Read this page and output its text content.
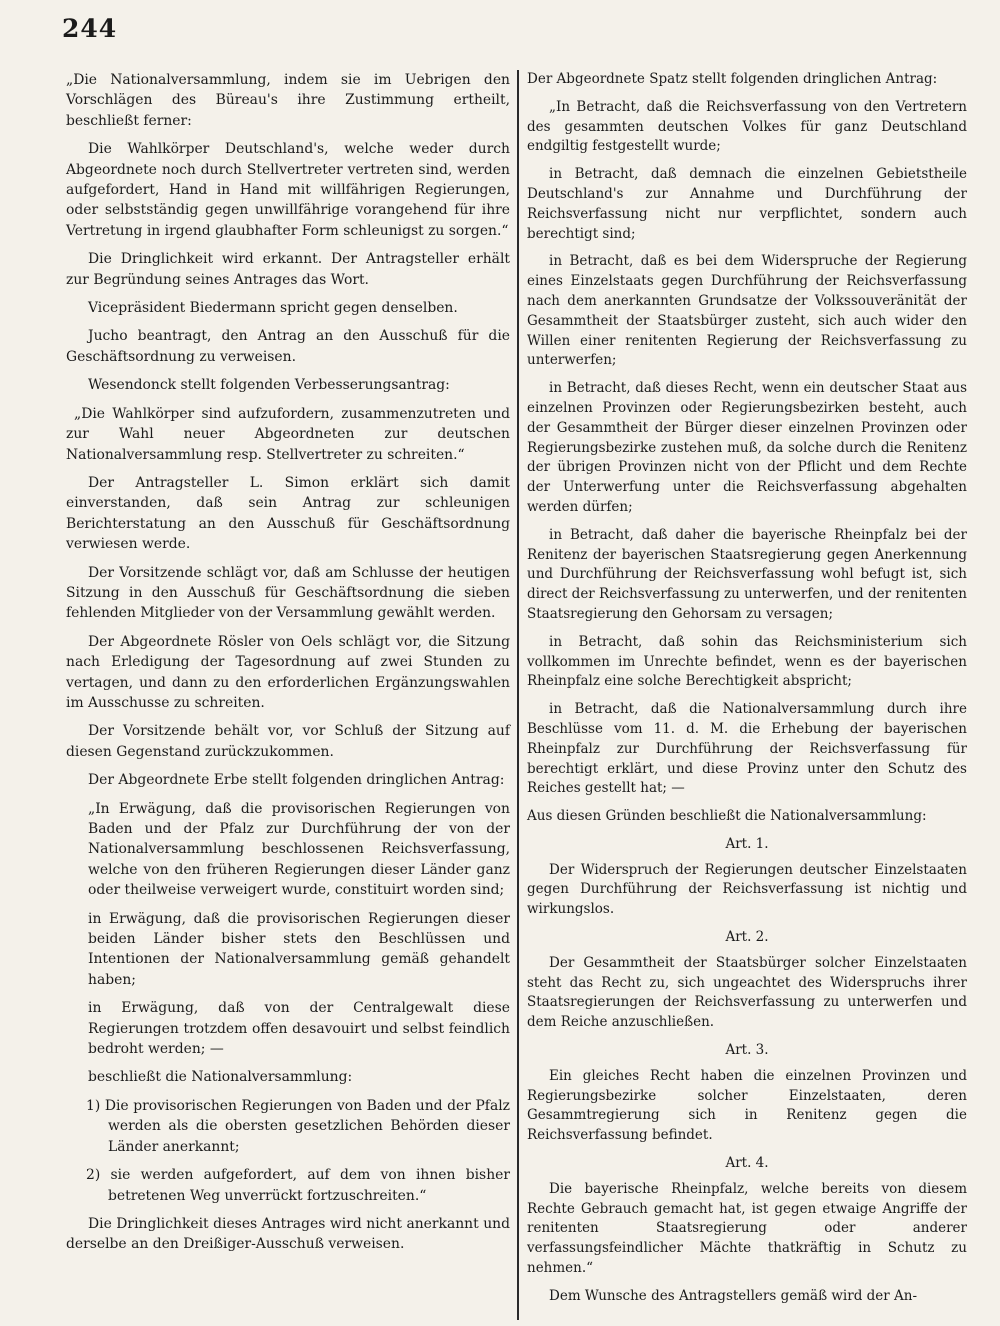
244

„Die Nationalversammlung, indem sie im Uebrigen den Vorschlägen des Büreau's ihre Zustimmung ertheilt, beschließt ferner:

Die Wahlkörper Deutschland's, welche weder durch Abgeordnete noch durch Stellvertreter vertreten sind, werden aufgefordert, Hand in Hand mit willfährigen Regierungen, oder selbstständig gegen unwillfährige vorangehend für ihre Vertretung in irgend glaubhafter Form schleunigst zu sorgen.“

Die Dringlichkeit wird erkannt. Der Antragsteller erhält zur Begründung seines Antrages das Wort.

Vicepräsident Biedermann spricht gegen denselben.

Jucho beantragt, den Antrag an den Ausschuß für die Geschäftsordnung zu verweisen.

Wesendonck stellt folgenden Verbesserungsantrag:

„Die Wahlkörper sind aufzufordern, zusammenzutreten und zur Wahl neuer Abgeordneten zur deutschen Nationalversammlung resp. Stellvertreter zu schreiten.“

Der Antragsteller L. Simon erklärt sich damit einverstanden, daß sein Antrag zur schleunigen Berichterstatung an den Ausschuß für Geschäftsordnung verwiesen werde.

Der Vorsitzende schlägt vor, daß am Schlusse der heutigen Sitzung in den Ausschuß für Geschäftsordnung die sieben fehlenden Mitglieder von der Versammlung gewählt werden.

Der Abgeordnete Rösler von Oels schlägt vor, die Sitzung nach Erledigung der Tagesordnung auf zwei Stunden zu vertagen, und dann zu den erforderlichen Ergänzungswahlen im Ausschusse zu schreiten.

Der Vorsitzende behält vor, vor Schluß der Sitzung auf diesen Gegenstand zurückzukommen.

Der Abgeordnete Erbe stellt folgenden dringlichen Antrag:

„In Erwägung, daß die provisorischen Regierungen von Baden und der Pfalz zur Durchführung der von der Nationalversammlung beschlossenen Reichsverfassung, welche von den früheren Regierungen dieser Länder ganz oder theilweise verweigert wurde, constituirt worden sind;

in Erwägung, daß die provisorischen Regierungen dieser beiden Länder bisher stets den Beschlüssen und Intentionen der Nationalversammlung gemäß gehandelt haben;

in Erwägung, daß von der Centralgewalt diese Regierungen trotzdem offen desavouirt und selbst feindlich bedroht werden; —

beschließt die Nationalversammlung:

1) Die provisorischen Regierungen von Baden und der Pfalz werden als die obersten gesetzlichen Behörden dieser Länder anerkannt;

2) sie werden aufgefordert, auf dem von ihnen bisher betretenen Weg unverrückt fortzuschreiten.“

Die Dringlichkeit dieses Antrages wird nicht anerkannt und derselbe an den Dreißiger-Ausschuß verweisen.

Der Abgeordnete Spatz stellt folgenden dringlichen Antrag:

„In Betracht, daß die Reichsverfassung von den Vertretern des gesammten deutschen Volkes für ganz Deutschland endgiltig festgestellt wurde;

in Betracht, daß demnach die einzelnen Gebietstheile Deutschland's zur Annahme und Durchführung der Reichsverfassung nicht nur verpflichtet, sondern auch berechtigt sind;

in Betracht, daß es bei dem Widerspruche der Regierung eines Einzelstaats gegen Durchführung der Reichsverfassung nach dem anerkannten Grundsatze der Volkssouveränität der Gesammtheit der Staatsbürger zusteht, sich auch wider den Willen einer renitenten Regierung der Reichsverfassung zu unterwerfen;

in Betracht, daß dieses Recht, wenn ein deutscher Staat aus einzelnen Provinzen oder Regierungsbezirken besteht, auch der Gesammtheit der Bürger dieser einzelnen Provinzen oder Regierungsbezirke zustehen muß, da solche durch die Renitenz der übrigen Provinzen nicht von der Pflicht und dem Rechte der Unterwerfung unter die Reichsverfassung abgehalten werden dürfen;

in Betracht, daß daher die bayerische Rheinpfalz bei der Renitenz der bayerischen Staatsregierung gegen Anerkennung und Durchführung der Reichsverfassung wohl befugt ist, sich direct der Reichsverfassung zu unterwerfen, und der renitenten Staatsregierung den Gehorsam zu versagen;

in Betracht, daß sohin das Reichsministerium sich vollkommen im Unrechte befindet, wenn es der bayerischen Rheinpfalz eine solche Berechtigkeit abspricht;

in Betracht, daß die Nationalversammlung durch ihre Beschlüsse vom 11. d. M. die Erhebung der bayerischen Rheinpfalz zur Durchführung der Reichsverfassung für berechtigt erklärt, und diese Provinz unter den Schutz des Reiches gestellt hat; —

Aus diesen Gründen beschließt die Nationalversammlung:

Art. 1.

Der Widerspruch der Regierungen deutscher Einzelstaaten gegen Durchführung der Reichsverfassung ist nichtig und wirkungslos.

Art. 2.

Der Gesammtheit der Staatsbürger solcher Einzelstaaten steht das Recht zu, sich ungeachtet des Widerspruchs ihrer Staatsregierungen der Reichsverfassung zu unterwerfen und dem Reiche anzuschließen.

Art. 3.

Ein gleiches Recht haben die einzelnen Provinzen und Regierungsbezirke solcher Einzelstaaten, deren Gesammtregierung sich in Renitenz gegen die Reichsverfassung befindet.

Art. 4.

Die bayerische Rheinpfalz, welche bereits von diesem Rechte Gebrauch gemacht hat, ist gegen etwaige Angriffe der renitenten Staatsregierung oder anderer verfassungsfeindlicher Mächte thatkräftig in Schutz zu nehmen.“

Dem Wunsche des Antragstellers gemäß wird der An-
